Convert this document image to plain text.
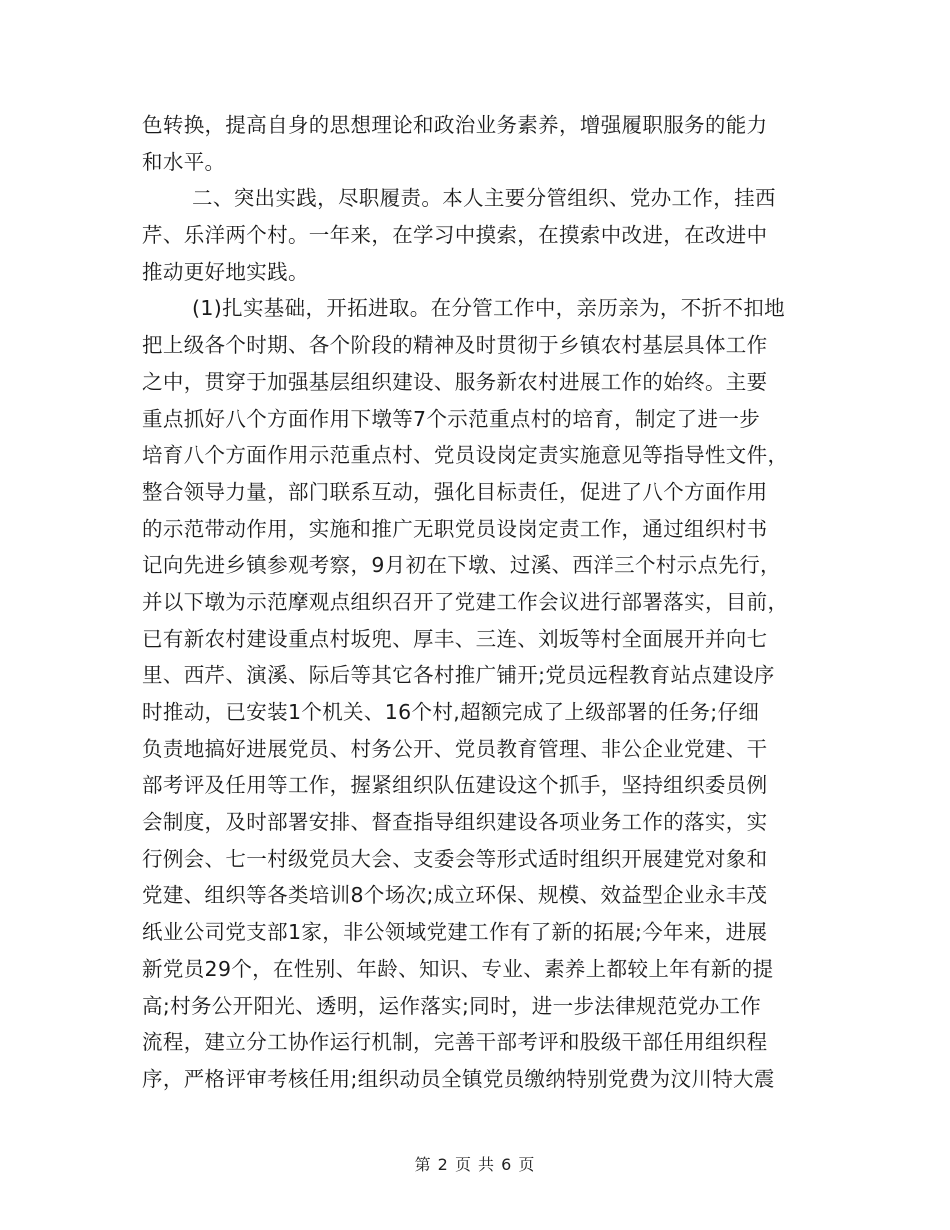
色转换，提高自身的思想理论和政治业务素养，增强履职服务的能力
和水平。
二、突出实践，尽职履责。本人主要分管组织、党办工作，挂西
芹、乐洋两个村。一年来，在学习中摸索，在摸索中改进，在改进中
推动更好地实践。
(1)扎实基础，开拓进取。在分管工作中，亲历亲为，不折不扣地
把上级各个时期、各个阶段的精神及时贯彻于乡镇农村基层具体工作
之中，贯穿于加强基层组织建设、服务新农村进展工作的始终。主要
重点抓好八个方面作用下墩等7个示范重点村的培育，制定了进一步
培育八个方面作用示范重点村、党员设岗定责实施意见等指导性文件，
整合领导力量，部门联系互动，强化目标责任，促进了八个方面作用
的示范带动作用，实施和推广无职党员设岗定责工作，通过组织村书
记向先进乡镇参观考察，9月初在下墩、过溪、西洋三个村示点先行，
并以下墩为示范摩观点组织召开了党建工作会议进行部署落实，目前，
已有新农村建设重点村坂兜、厚丰、三连、刘坂等村全面展开并向七
里、西芹、演溪、际后等其它各村推广铺开;党员远程教育站点建设序
时推动，已安装1个机关、16个村,超额完成了上级部署的任务;仔细
负责地搞好进展党员、村务公开、党员教育管理、非公企业党建、干
部考评及任用等工作，握紧组织队伍建设这个抓手，坚持组织委员例
会制度，及时部署安排、督查指导组织建设各项业务工作的落实，实
行例会、七一村级党员大会、支委会等形式适时组织开展建党对象和
党建、组织等各类培训8个场次;成立环保、规模、效益型企业永丰茂
纸业公司党支部1家，非公领域党建工作有了新的拓展;今年来，进展
新党员29个，在性别、年龄、知识、专业、素养上都较上年有新的提
高;村务公开阳光、透明，运作落实;同时，进一步法律规范党办工作
流程，建立分工协作运行机制，完善干部考评和股级干部任用组织程
序，严格评审考核任用;组织动员全镇党员缴纳特别党费为汶川特大震
第 2 页 共 6 页
